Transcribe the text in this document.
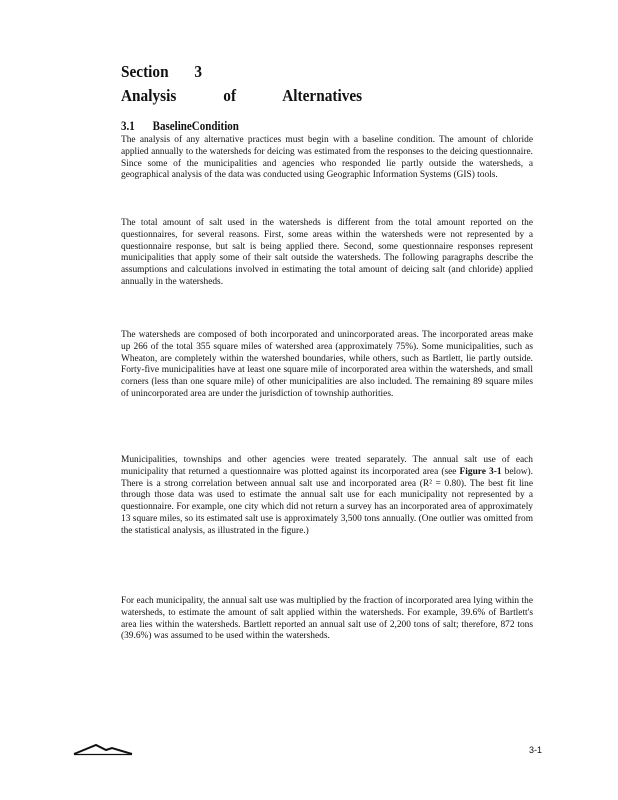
Section 3
Analysis of Alternatives
3.1 BaselineCondition

The analysis of any alternative practices must begin with a baseline condition. The amount of chloride applied annually to the watersheds for deicing was estimated from the responses to the deicing questionnaire. Since some of the municipalities and agencies who responded lie partly outside the watersheds, a geographical analysis of the data was conducted using Geographic Information Systems (GIS) tools.

The total amount of salt used in the watersheds is different from the total amount reported on the questionnaires, for several reasons. First, some areas within the watersheds were not represented by a questionnaire response, but salt is being applied there. Second, some questionnaire responses represent municipalities that apply some of their salt outside the watersheds. The following paragraphs describe the assumptions and calculations involved in estimating the total amount of deicing salt (and chloride) applied annually in the watersheds.

The watersheds are composed of both incorporated and unincorporated areas. The incorporated areas make up 266 of the total 355 square miles of watershed area (approximately 75%). Some municipalities, such as Wheaton, are completely within the watershed boundaries, while others, such as Bartlett, lie partly outside. Forty-five municipalities have at least one square mile of incorporated area within the watersheds, and small corners (less than one square mile) of other municipalities are also included. The remaining 89 square miles of unincorporated area are under the jurisdiction of township authorities.

Municipalities, townships and other agencies were treated separately. The annual salt use of each municipality that returned a questionnaire was plotted against its incorporated area (see Figure 3-1 below). There is a strong correlation between annual salt use and incorporated area (R² = 0.80). The best fit line through those data was used to estimate the annual salt use for each municipality not represented by a questionnaire. For example, one city which did not return a survey has an incorporated area of approximately 13 square miles, so its estimated salt use is approximately 3,500 tons annually. (One outlier was omitted from the statistical analysis, as illustrated in the figure.)

For each municipality, the annual salt use was multiplied by the fraction of incorporated area lying within the watersheds, to estimate the amount of salt applied within the watersheds. For example, 39.6% of Bartlett's area lies within the watersheds. Bartlett reported an annual salt use of 2,200 tons of salt; therefore, 872 tons (39.6%) was assumed to be used within the watersheds.

3-1
